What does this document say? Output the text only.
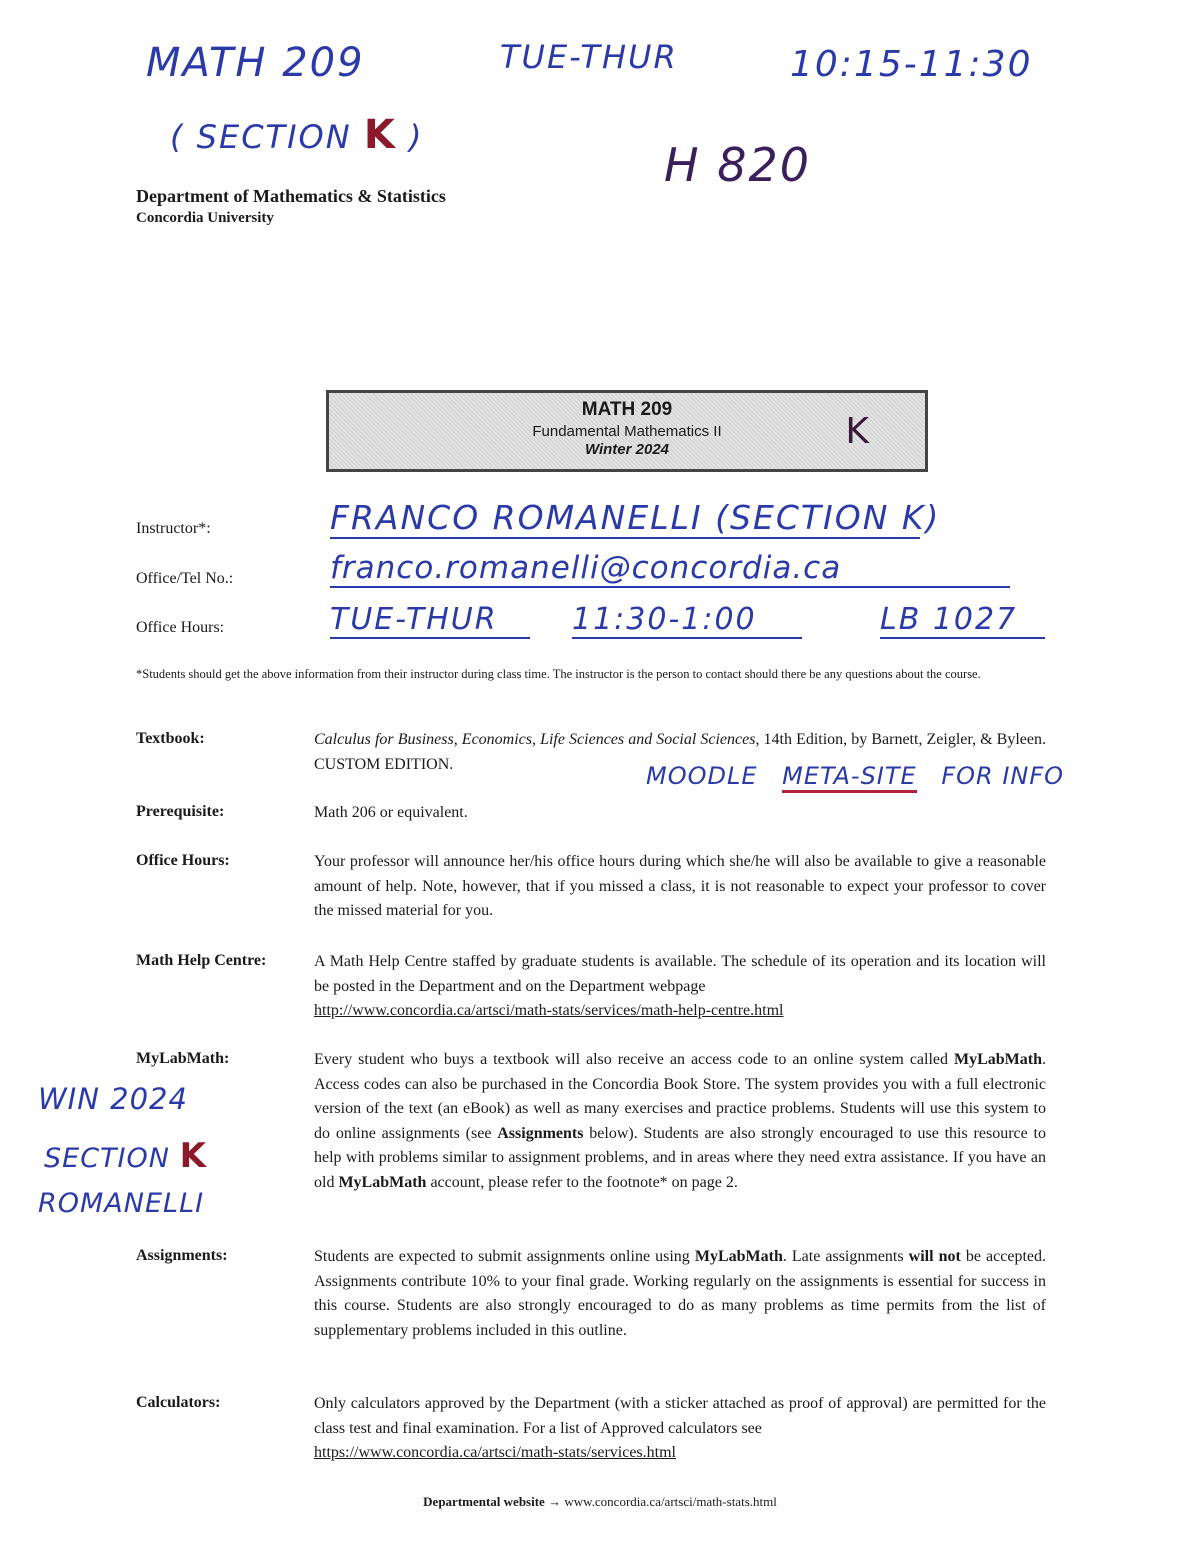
MATH 209	TUE-THUR	10:15-11:30
( SECTION K )
H 820
Department of Mathematics & Statistics
Concordia University
MATH 209
Fundamental Mathematics II
Winter 2024	K
Instructor*:	FRANCO ROMANELLI (SECTION K)
Office/Tel No.:	franco.romanelli@concordia.ca
Office Hours:	TUE-THUR	11:30-1:00	LB 1027
*Students should get the above information from their instructor during class time. The instructor is the person to contact should there be any questions about the course.
Textbook:	Calculus for Business, Economics, Life Sciences and Social Sciences, 14th Edition, by Barnett, Zeigler, & Byleen. CUSTOM EDITION.	MOODLE META-SITE FOR INFO
Prerequisite:	Math 206 or equivalent.
Office Hours:	Your professor will announce her/his office hours during which she/he will also be available to give a reasonable amount of help. Note, however, that if you missed a class, it is not reasonable to expect your professor to cover the missed material for you.
Math Help Centre:	A Math Help Centre staffed by graduate students is available. The schedule of its operation and its location will be posted in the Department and on the Department webpage
http://www.concordia.ca/artsci/math-stats/services/math-help-centre.html
MyLabMath:	Every student who buys a textbook will also receive an access code to an online system called MyLabMath. Access codes can also be purchased in the Concordia Book Store. The system provides you with a full electronic version of the text (an eBook) as well as many exercises and practice problems. Students will use this system to do online assignments (see Assignments below). Students are also strongly encouraged to use this resource to help with problems similar to assignment problems, and in areas where they need extra assistance. If you have an old MyLabMath account, please refer to the footnote* on page 2.
WIN 2024
SECTION K
ROMANELLI
Assignments:	Students are expected to submit assignments online using MyLabMath. Late assignments will not be accepted. Assignments contribute 10% to your final grade. Working regularly on the assignments is essential for success in this course. Students are also strongly encouraged to do as many problems as time permits from the list of supplementary problems included in this outline.
Calculators:	Only calculators approved by the Department (with a sticker attached as proof of approval) are permitted for the class test and final examination. For a list of Approved calculators see
https://www.concordia.ca/artsci/math-stats/services.html
Departmental website → www.concordia.ca/artsci/math-stats.html
